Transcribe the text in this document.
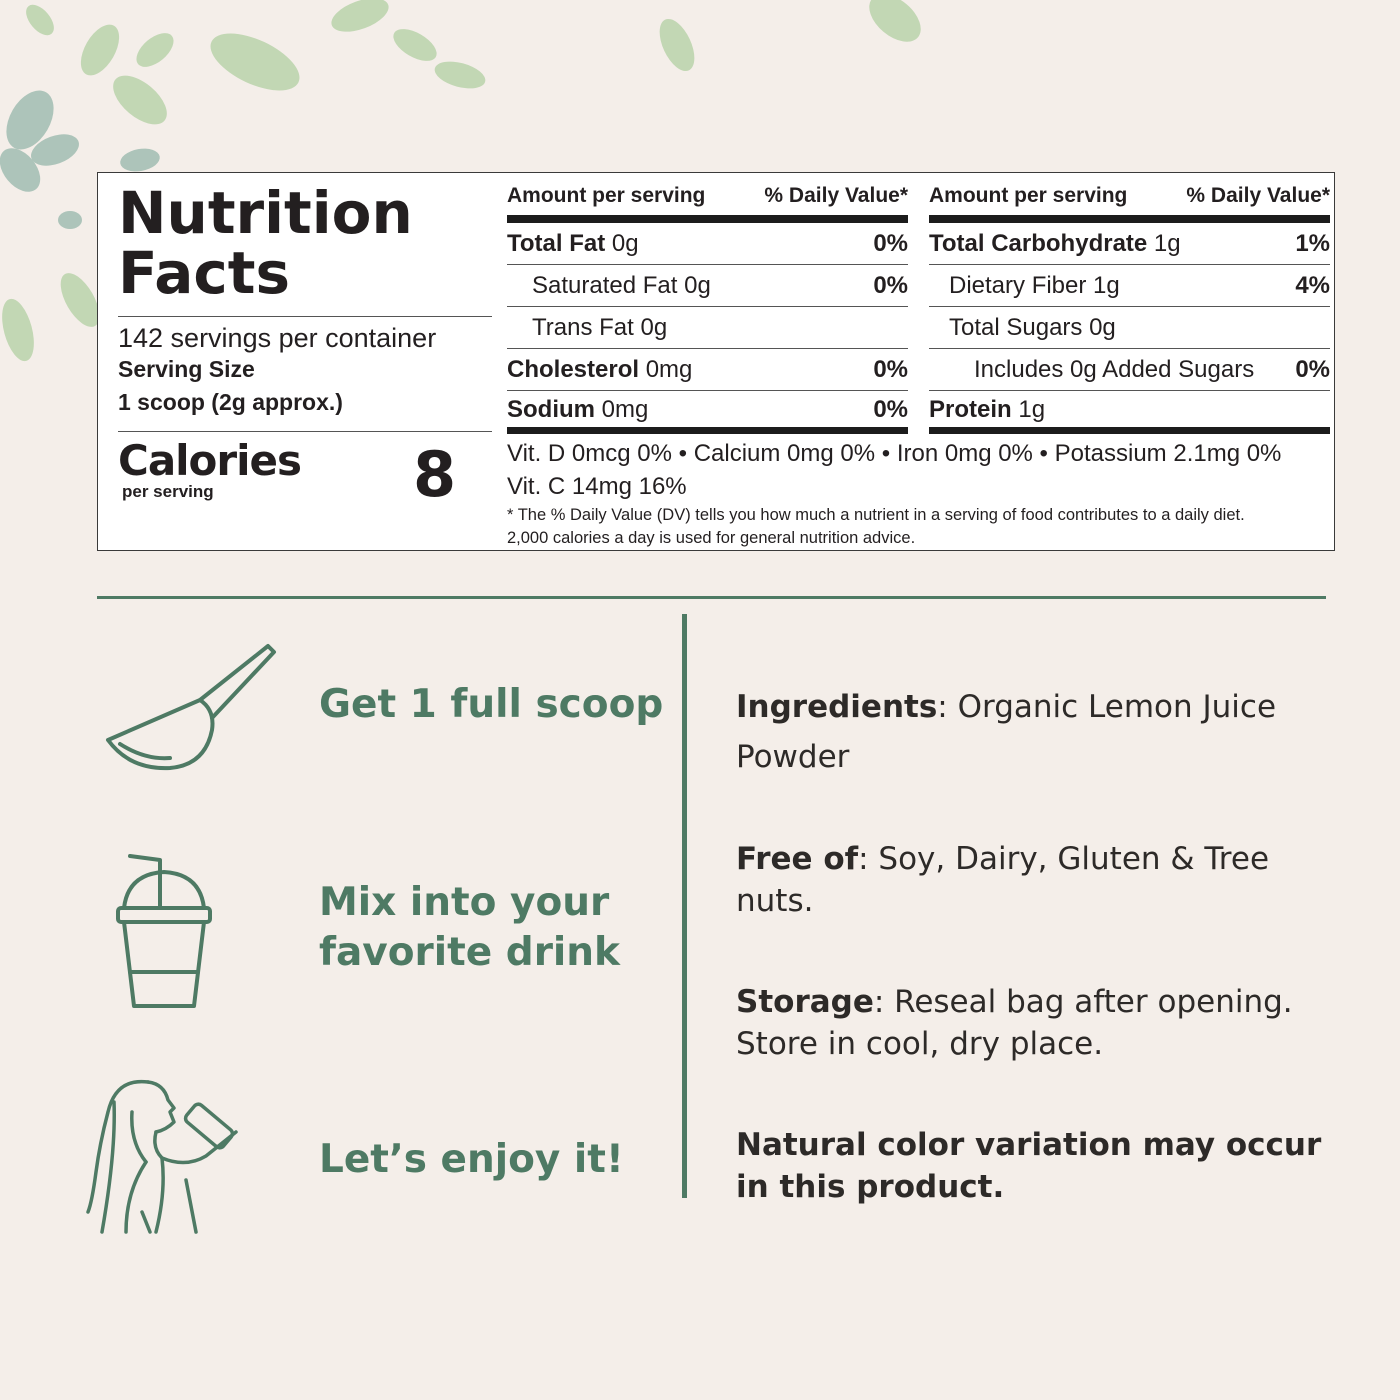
Nutrition
Facts
142 servings per container
Serving Size
1 scoop (2g approx.)
Calories
per serving	8
Amount per serving	% Daily Value*
Total Fat 0g	0%
Saturated Fat 0g	0%
Trans Fat 0g
Cholesterol 0mg	0%
Sodium 0mg	0%
Amount per serving	% Daily Value*
Total Carbohydrate 1g	1%
Dietary Fiber 1g	4%
Total Sugars 0g
Includes 0g Added Sugars 0%
Protein 1g
Vit. D 0mcg 0% • Calcium 0mg 0% • Iron 0mg 0% • Potassium 2.1mg 0%
Vit. C 14mg 16%
* The % Daily Value (DV) tells you how much a nutrient in a serving of food contributes to a daily diet.
2,000 calories a day is used for general nutrition advice.
Get 1 full scoop
Mix into your
favorite drink
Let’s enjoy it!
Ingredients: Organic Lemon Juice Powder
Free of: Soy, Dairy, Gluten & Tree nuts.
Storage: Reseal bag after opening. Store in cool, dry place.
Natural color variation may occur in this product.
